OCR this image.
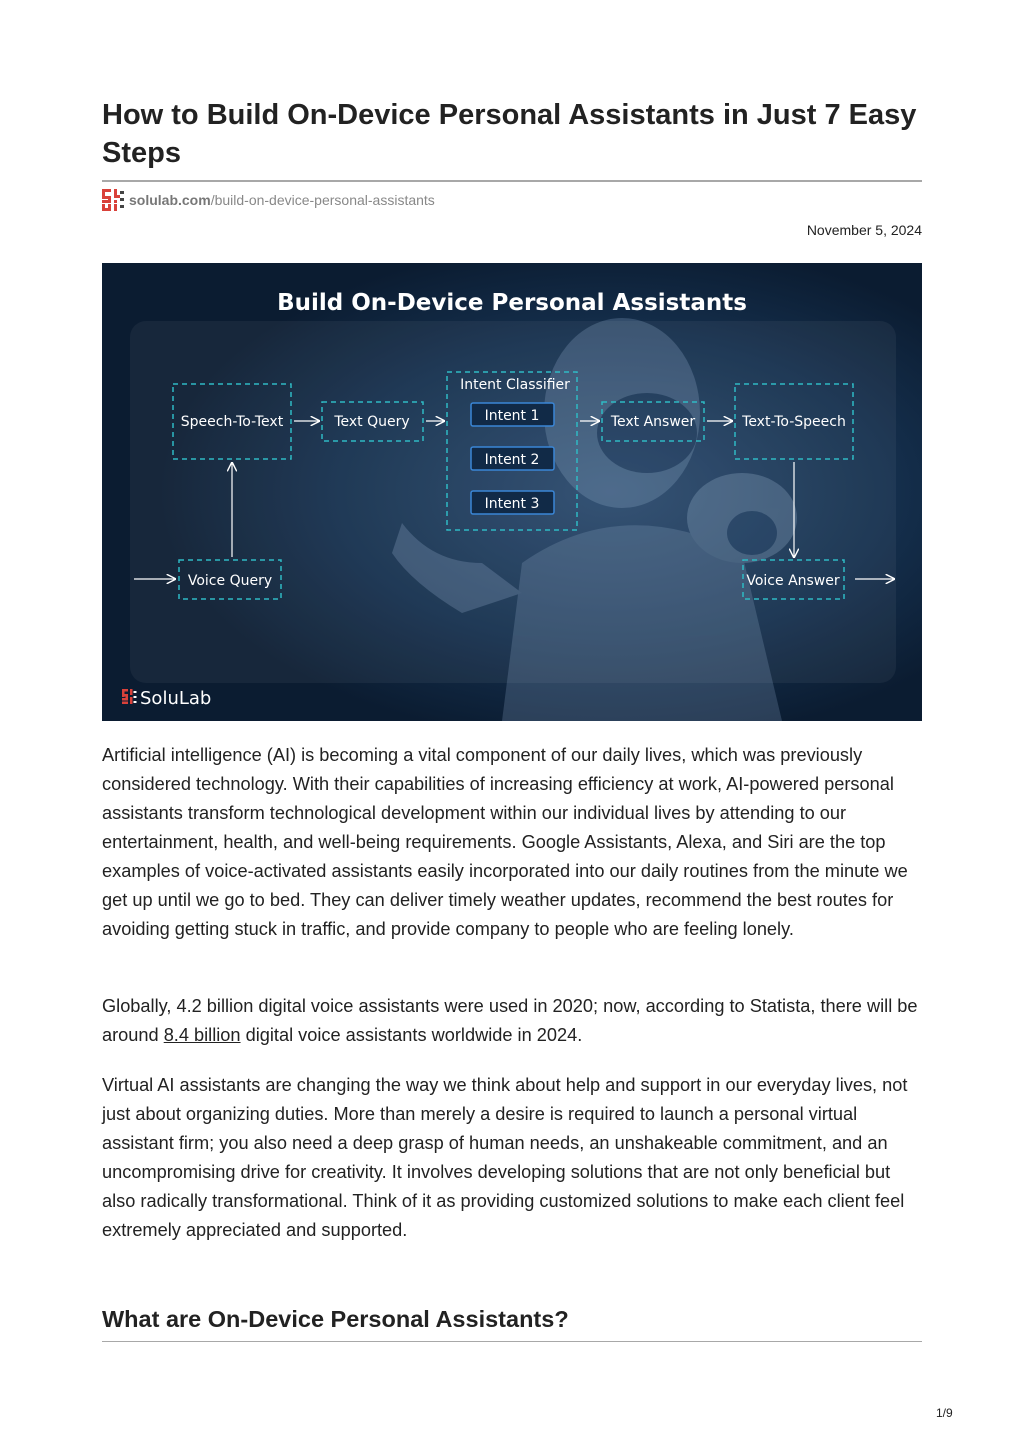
How to Build On-Device Personal Assistants in Just 7 Easy Steps
solulab.com /build-on-device-personal-assistants
November 5, 2024
Build On-Device Personal Assistants
Speech-To-Text	Text Query
Intent Classifier
Intent 1
Intent 2
Intent 3
Text Answer	Text-To-Speech
Voice Query	Voice Answer
SoluLab

Artificial intelligence (AI) is becoming a vital component of our daily lives, which was previously considered technology. With their capabilities of increasing efficiency at work, AI-powered personal assistants transform technological development within our individual lives by attending to our entertainment, health, and well-being requirements. Google Assistants, Alexa, and Siri are the top examples of voice-activated assistants easily incorporated into our daily routines from the minute we get up until we go to bed. They can deliver timely weather updates, recommend the best routes for avoiding getting stuck in traffic, and provide company to people who are feeling lonely.

Globally, 4.2 billion digital voice assistants were used in 2020; now, according to Statista, there will be around 8.4 billion digital voice assistants worldwide in 2024.

Virtual AI assistants are changing the way we think about help and support in our everyday lives, not just about organizing duties. More than merely a desire is required to launch a personal virtual assistant firm; you also need a deep grasp of human needs, an unshakeable commitment, and an uncompromising drive for creativity. It involves developing solutions that are not only beneficial but also radically transformational. Think of it as providing customized solutions to make each client feel extremely appreciated and supported.

What are On-Device Personal Assistants?
1/9
